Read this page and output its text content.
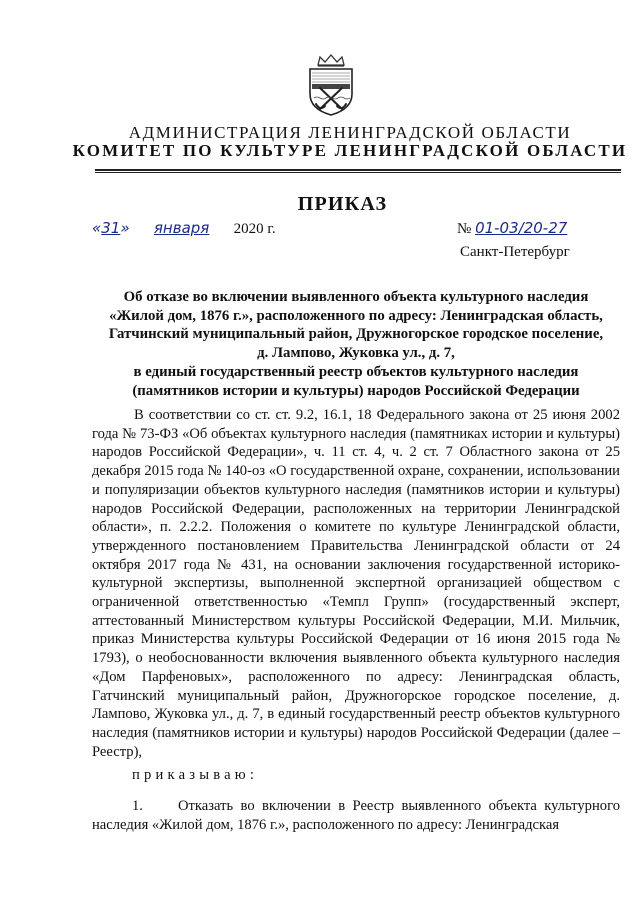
АДМИНИСТРАЦИЯ ЛЕНИНГРАДСКОЙ ОБЛАСТИ
КОМИТЕТ ПО КУЛЬТУРЕ ЛЕНИНГРАДСКОЙ ОБЛАСТИ
ПРИКАЗ
«31» января 2020 г.	№ 01-03/20-27
Санкт-Петербург
Об отказе во включении выявленного объекта культурного наследия
«Жилой дом, 1876 г.», расположенного по адресу: Ленинградская область,
Гатчинский муниципальный район, Дружногорское городское поселение,
д. Лампово, Жуковка ул., д. 7,
в единый государственный реестр объектов культурного наследия
(памятников истории и культуры) народов Российской Федерации
В соответствии со ст. ст. 9.2, 16.1, 18 Федерального закона от 25 июня 2002 года № 73-ФЗ «Об объектах культурного наследия (памятниках истории и культуры) народов Российской Федерации», ч. 11 ст. 4, ч. 2 ст. 7 Областного закона от 25 декабря 2015 года № 140-оз «О государственной охране, сохранении, использовании и популяризации объектов культурного наследия (памятников истории и культуры) народов Российской Федерации, расположенных на территории Ленинградской области», п. 2.2.2. Положения о комитете по культуре Ленинградской области, утвержденного постановлением Правительства Ленинградской области от 24 октября 2017 года № 431, на основании заключения государственной историко-культурной экспертизы, выполненной экспертной организацией обществом с ограниченной ответственностью «Темпл Групп» (государственный эксперт, аттестованный Министерством культуры Российской Федерации, М.И. Мильчик, приказ Министерства культуры Российской Федерации от 16 июня 2015 года № 1793), о необоснованности включения выявленного объекта культурного наследия «Дом Парфеновых», расположенного по адресу: Ленинградская область, Гатчинский муниципальный район, Дружногорское городское поселение, д. Лампово, Жуковка ул., д. 7, в единый государственный реестр объектов культурного наследия (памятников истории и культуры) народов Российской Федерации (далее – Реестр),
приказываю:
1. Отказать во включении в Реестр выявленного объекта культурного наследия «Жилой дом, 1876 г.», расположенного по адресу: Ленинградская
